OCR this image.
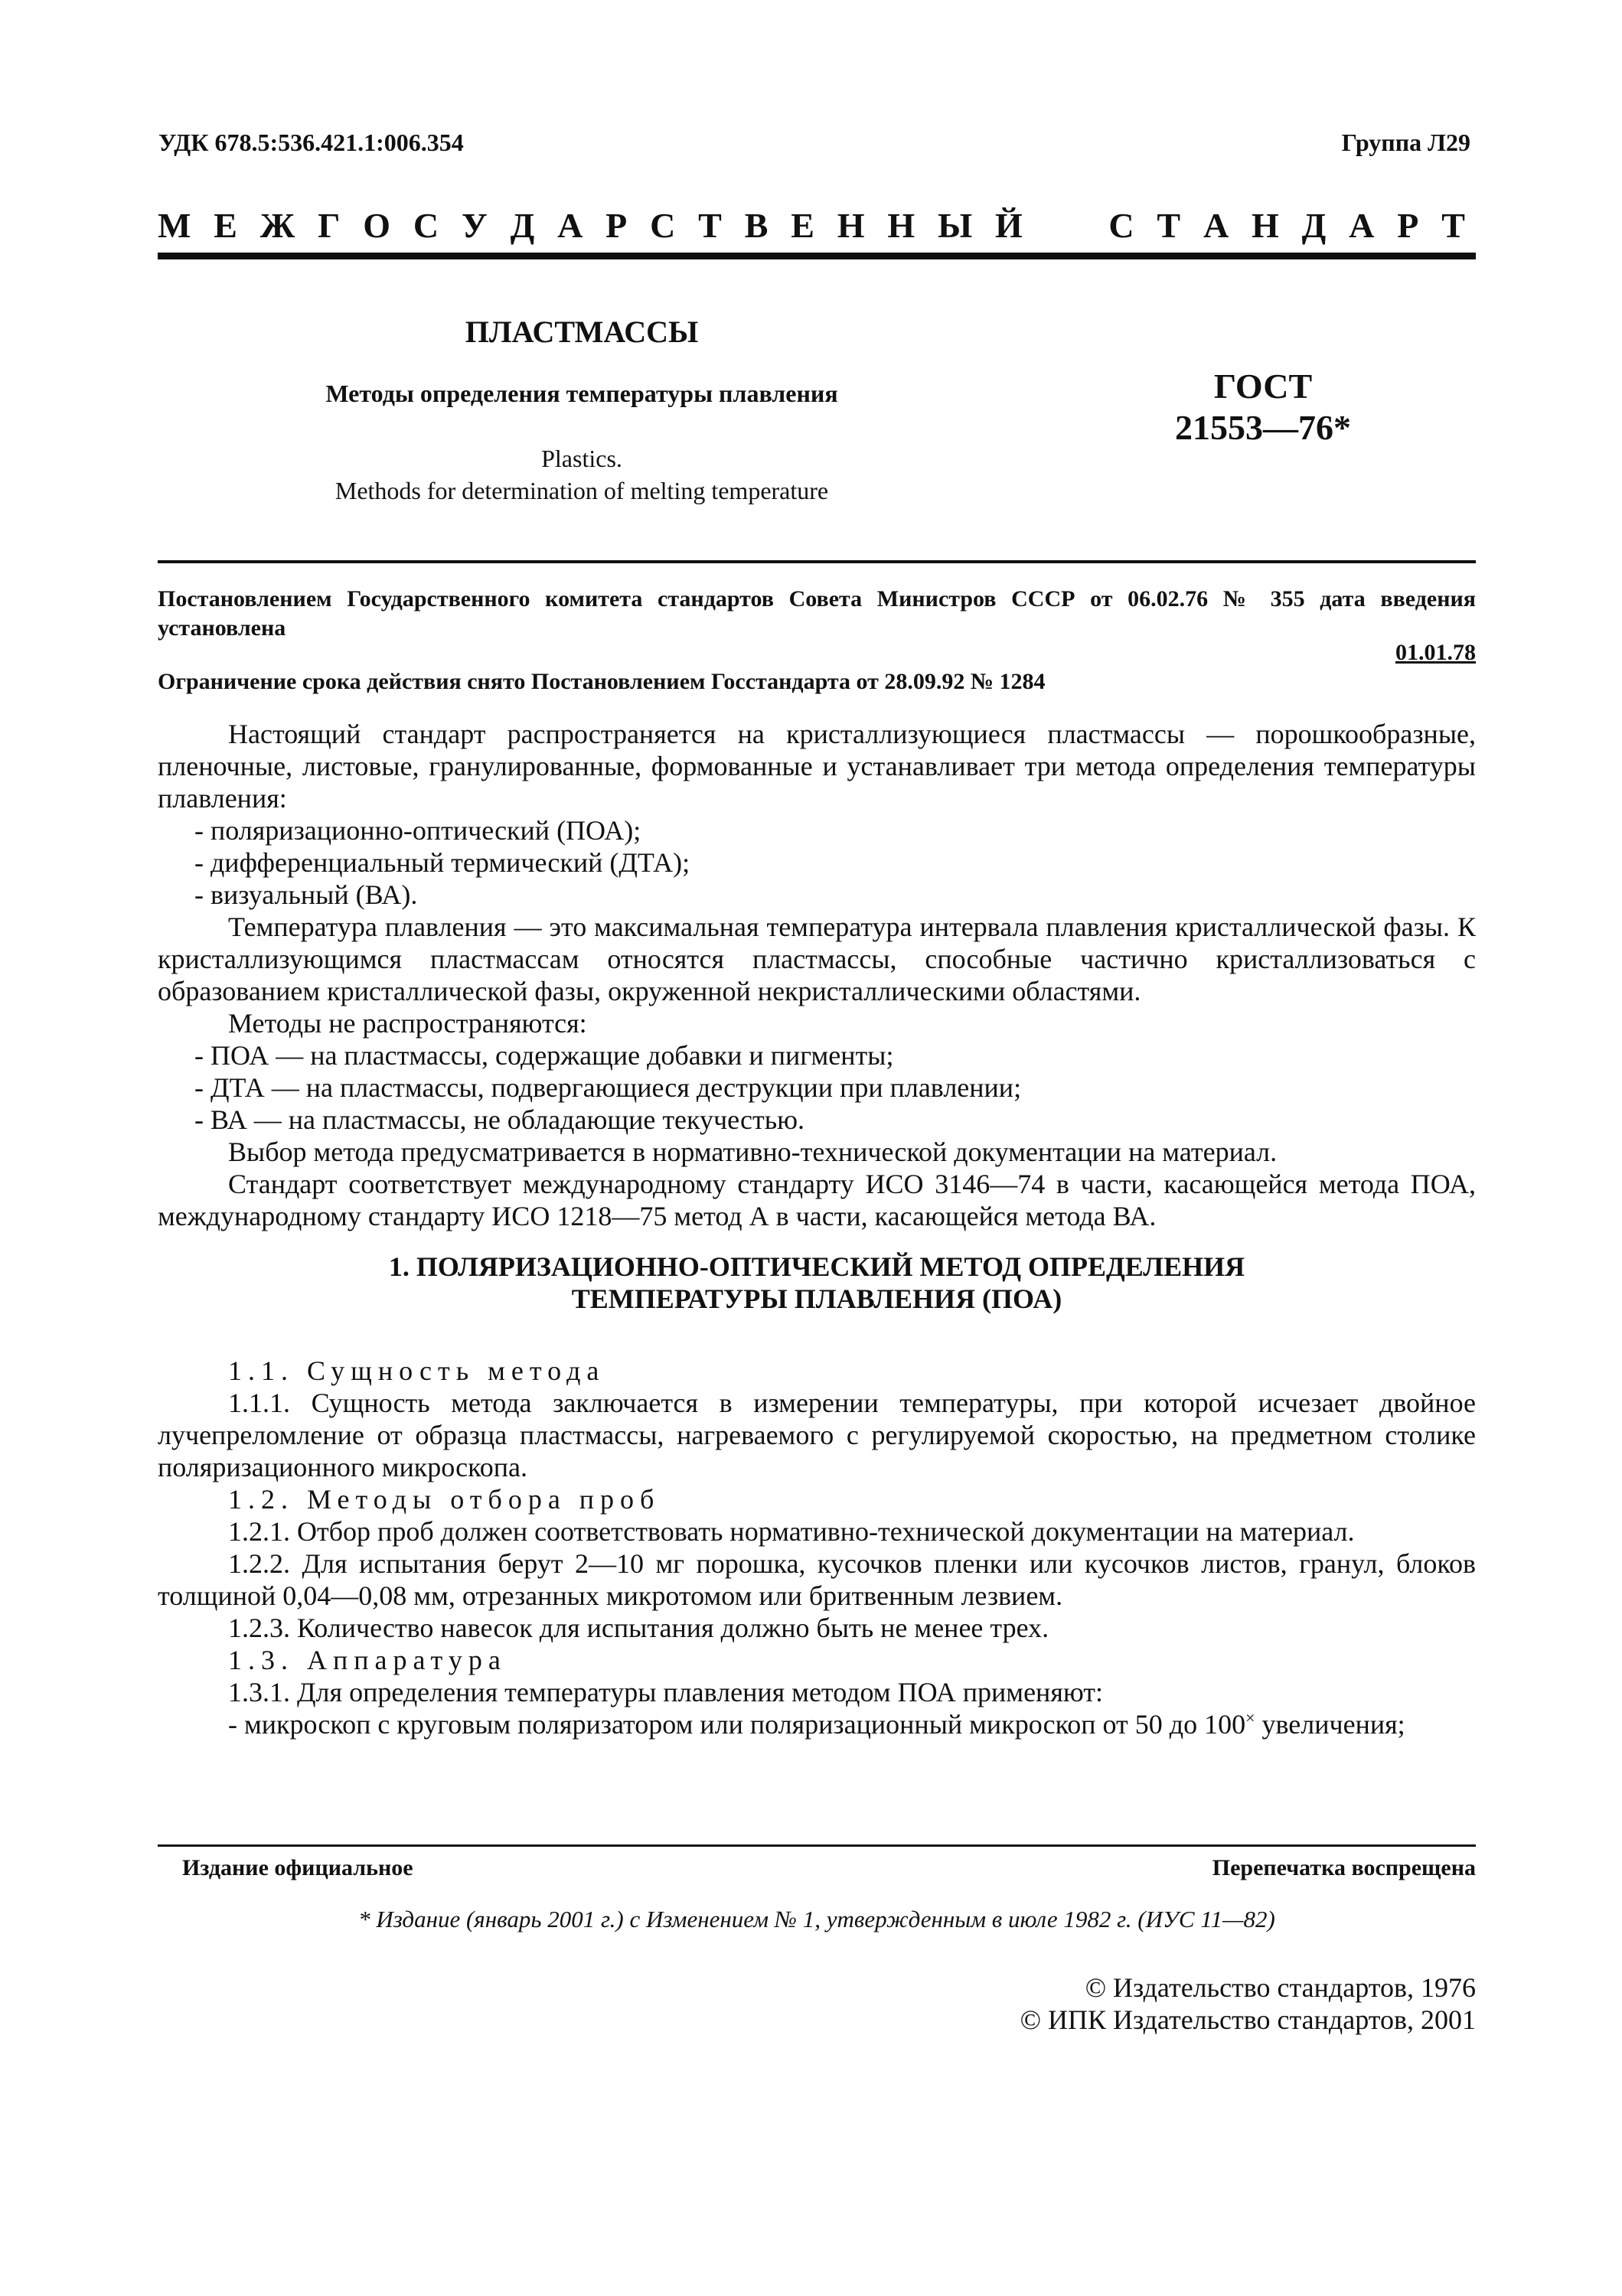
УДК 678.5:536.421.1:006.354	Группа Л29
М Е Ж Г О С У Д А Р С Т В Е Н Н Ы Й

С Т А Н Д А Р Т
ПЛАСТМАССЫ
Методы определения температуры плавления
Plastics.
Methods for determination of melting temperature
ГОСТ
21553—76*
Постановлением Государственного комитета стандартов Совета Министров СССР от 06.02.76 № 355 дата введения установлена
01.01.78
Ограничение срока действия снято Постановлением Госстандарта от 28.09.92 № 1284

Настоящий стандарт распространяется на кристаллизующиеся пластмассы — порошкообразные, пленочные, листовые, гранулированные, формованные и устанавливает три метода определения температуры плавления:

- поляризационно-оптический (ПОА);

- дифференциальный термический (ДТА);

- визуальный (ВА).

Температура плавления — это максимальная температура интервала плавления кристаллической фазы. К кристаллизующимся пластмассам относятся пластмассы, способные частично кристаллизоваться с образованием кристаллической фазы, окруженной некристаллическими областями.

Методы не распространяются:

- ПОА — на пластмассы, содержащие добавки и пигменты;

- ДТА — на пластмассы, подвергающиеся деструкции при плавлении;

- ВА — на пластмассы, не обладающие текучестью.

Выбор метода предусматривается в нормативно-технической документации на материал.

Стандарт соответствует международному стандарту ИСО 3146—74 в части, касающейся метода ПОА, международному стандарту ИСО 1218—75 метод А в части, касающейся метода ВА.

1. ПОЛЯРИЗАЦИОННО-ОПТИЧЕСКИЙ МЕТОД ОПРЕДЕЛЕНИЯ
ТЕМПЕРАТУРЫ ПЛАВЛЕНИЯ (ПОА)

1.1. Сущность метода

1.1.1. Сущность метода заключается в измерении температуры, при которой исчезает двойное лучепреломление от образца пластмассы, нагреваемого с регулируемой скоростью, на предметном столике поляризационного микроскопа.

1.2. Методы отбора проб

1.2.1. Отбор проб должен соответствовать нормативно-технической документации на материал.

1.2.2. Для испытания берут 2—10 мг порошка, кусочков пленки или кусочков листов, гранул, блоков толщиной 0,04—0,08 мм, отрезанных микротомом или бритвенным лезвием.

1.2.3. Количество навесок для испытания должно быть не менее трех.

1.3. Аппаратура

1.3.1. Для определения температуры плавления методом ПОА применяют:

- микроскоп с круговым поляризатором или поляризационный микроскоп от 50 до 100× увеличения;

Издание официальное	Перепечатка воспрещена
* Издание (январь 2001 г.) с Изменением № 1, утвержденным в июле 1982 г. (ИУС 11—82)
© Издательство стандартов, 1976
© ИПК Издательство стандартов, 2001
